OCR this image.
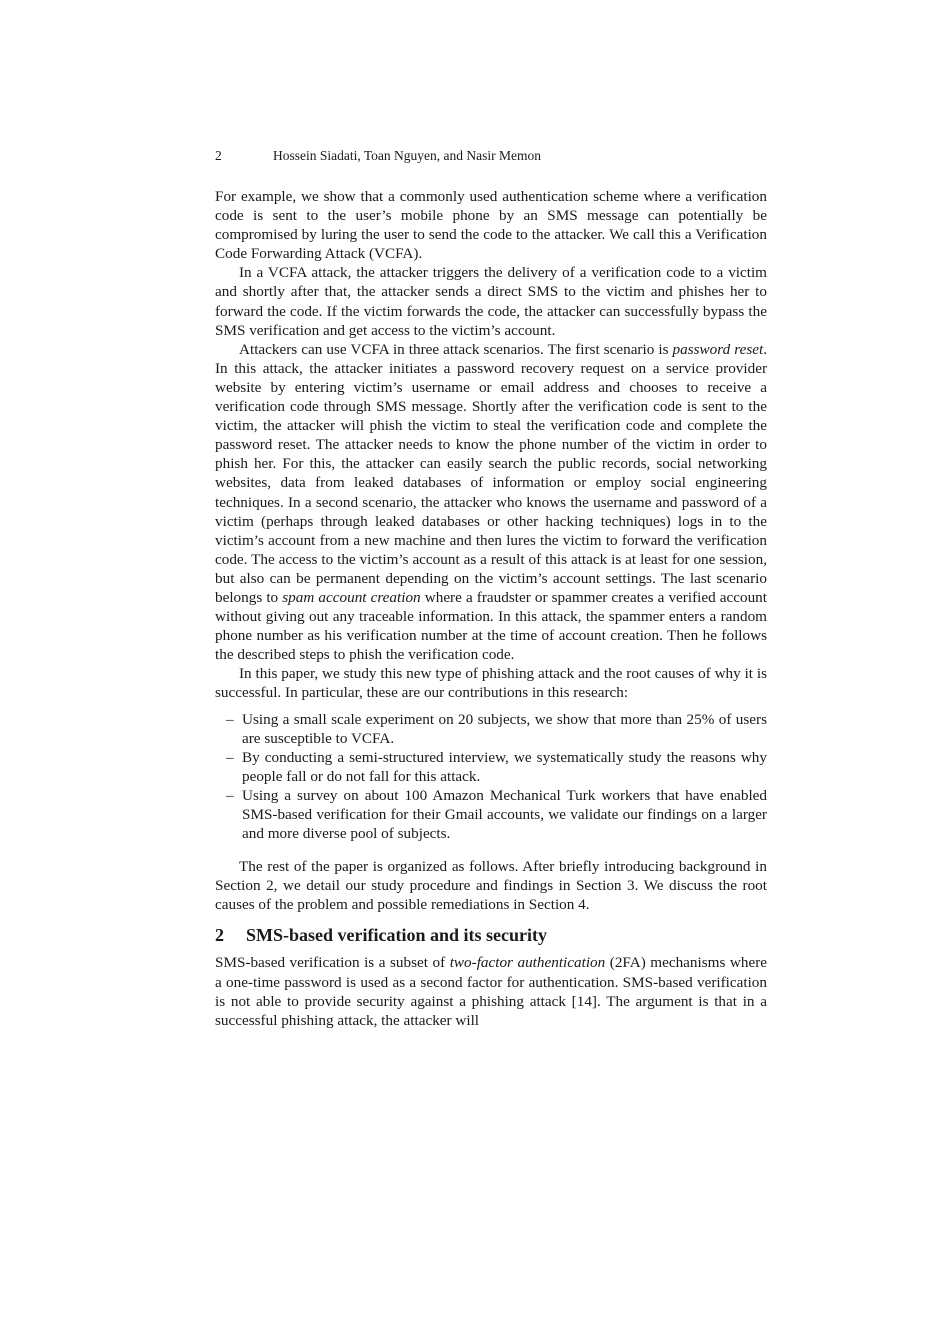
2	Hossein Siadati, Toan Nguyen, and Nasir Memon

For example, we show that a commonly used authentication scheme where a verification code is sent to the user’s mobile phone by an SMS message can potentially be compromised by luring the user to send the code to the attacker. We call this a Verification Code Forwarding Attack (VCFA).

In a VCFA attack, the attacker triggers the delivery of a verification code to a victim and shortly after that, the attacker sends a direct SMS to the victim and phishes her to forward the code. If the victim forwards the code, the attacker can successfully bypass the SMS verification and get access to the victim’s account.

Attackers can use VCFA in three attack scenarios. The first scenario is password reset. In this attack, the attacker initiates a password recovery request on a service provider website by entering victim’s username or email address and chooses to receive a verification code through SMS message. Shortly after the verification code is sent to the victim, the attacker will phish the victim to steal the verification code and complete the password reset. The attacker needs to know the phone number of the victim in order to phish her. For this, the attacker can easily search the public records, social networking websites, data from leaked databases of information or employ social engineering techniques. In a second scenario, the attacker who knows the username and password of a victim (perhaps through leaked databases or other hacking techniques) logs in to the victim’s account from a new machine and then lures the victim to forward the verification code. The access to the victim’s account as a result of this attack is at least for one session, but also can be permanent depending on the victim’s account settings. The last scenario belongs to spam account creation where a fraudster or spammer creates a verified account without giving out any traceable information. In this attack, the spammer enters a random phone number as his verification number at the time of account creation. Then he follows the described steps to phish the verification code.

In this paper, we study this new type of phishing attack and the root causes of why it is successful. In particular, these are our contributions in this research:

– Using a small scale experiment on 20 subjects, we show that more than 25% of users are susceptible to VCFA.
– By conducting a semi-structured interview, we systematically study the reasons why people fall or do not fall for this attack.
– Using a survey on about 100 Amazon Mechanical Turk workers that have enabled SMS-based verification for their Gmail accounts, we validate our findings on a larger and more diverse pool of subjects.

The rest of the paper is organized as follows. After briefly introducing background in Section 2, we detail our study procedure and findings in Section 3. We discuss the root causes of the problem and possible remediations in Section 4.

2	SMS-based verification and its security

SMS-based verification is a subset of two-factor authentication (2FA) mechanisms where a one-time password is used as a second factor for authentication. SMS-based verification is not able to provide security against a phishing attack [14]. The argument is that in a successful phishing attack, the attacker will
